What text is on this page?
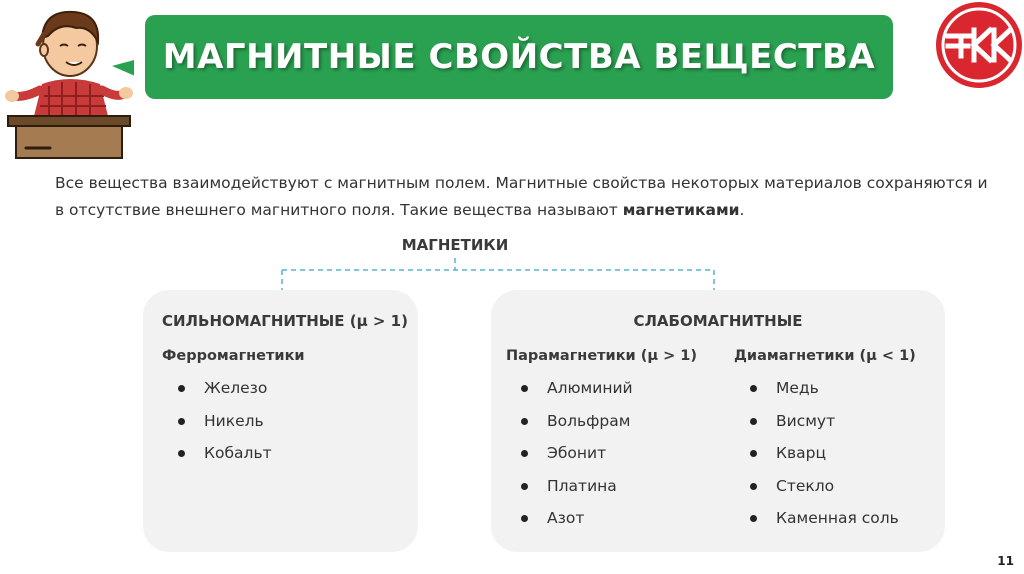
МАГНИТНЫЕ СВОЙСТВА ВЕЩЕСТВА
Все вещества взаимодействуют с магнитным полем. Магнитные свойства некоторых материалов сохраняются и в отсутствие внешнего магнитного поля. Такие вещества называют магнетиками.
МАГНЕТИКИ
СИЛЬНОМАГНИТНЫЕ (μ > 1)
Ферромагнетики
Железо
Никель
Кобальт
СЛАБОМАГНИТНЫЕ
Парамагнетики (μ > 1)	Диамагнетики (μ < 1)
Алюминий
Вольфрам
Эбонит
Платина
Азот
Медь
Висмут
Кварц
Стекло
Каменная соль
11
